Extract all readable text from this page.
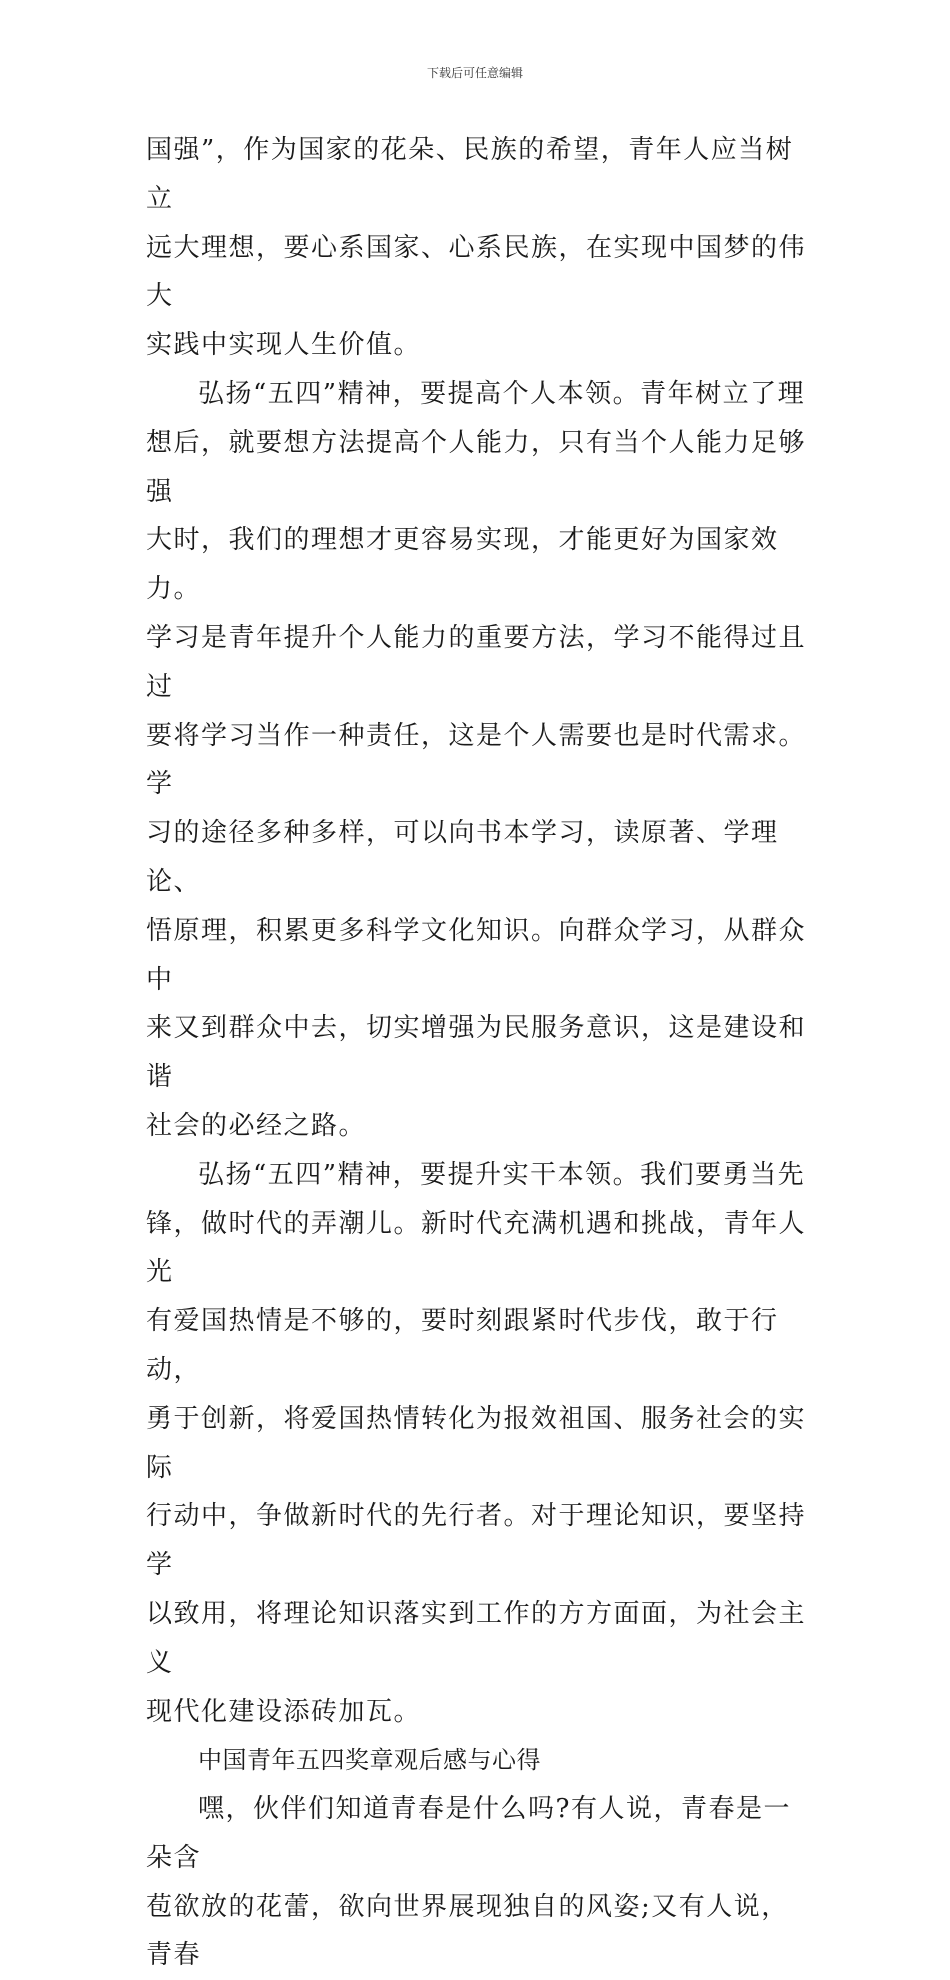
下载后可任意编辑

国强”，作为国家的花朵、民族的希望，青年人应当树立
远大理想，要心系国家、心系民族，在实现中国梦的伟大
实践中实现人生价值。

弘扬“五四”精神，要提高个人本领。青年树立了理
想后，就要想方法提高个人能力，只有当个人能力足够强
大时，我们的理想才更容易实现，才能更好为国家效力。
学习是青年提升个人能力的重要方法，学习不能得过且过
要将学习当作一种责任，这是个人需要也是时代需求。学
习的途径多种多样，可以向书本学习，读原著、学理论、
悟原理，积累更多科学文化知识。向群众学习，从群众中
来又到群众中去，切实增强为民服务意识，这是建设和谐
社会的必经之路。

弘扬“五四”精神，要提升实干本领。我们要勇当先
锋，做时代的弄潮儿。新时代充满机遇和挑战，青年人光
有爱国热情是不够的，要时刻跟紧时代步伐，敢于行动，
勇于创新，将爱国热情转化为报效祖国、服务社会的实际
行动中，争做新时代的先行者。对于理论知识，要坚持学
以致用，将理论知识落实到工作的方方面面，为社会主义
现代化建设添砖加瓦。

中国青年五四奖章观后感与心得

嘿，伙伴们知道青春是什么吗?有人说，青春是一朵含
苞欲放的花蕾，欲向世界展现独自的风姿;又有人说，青春
